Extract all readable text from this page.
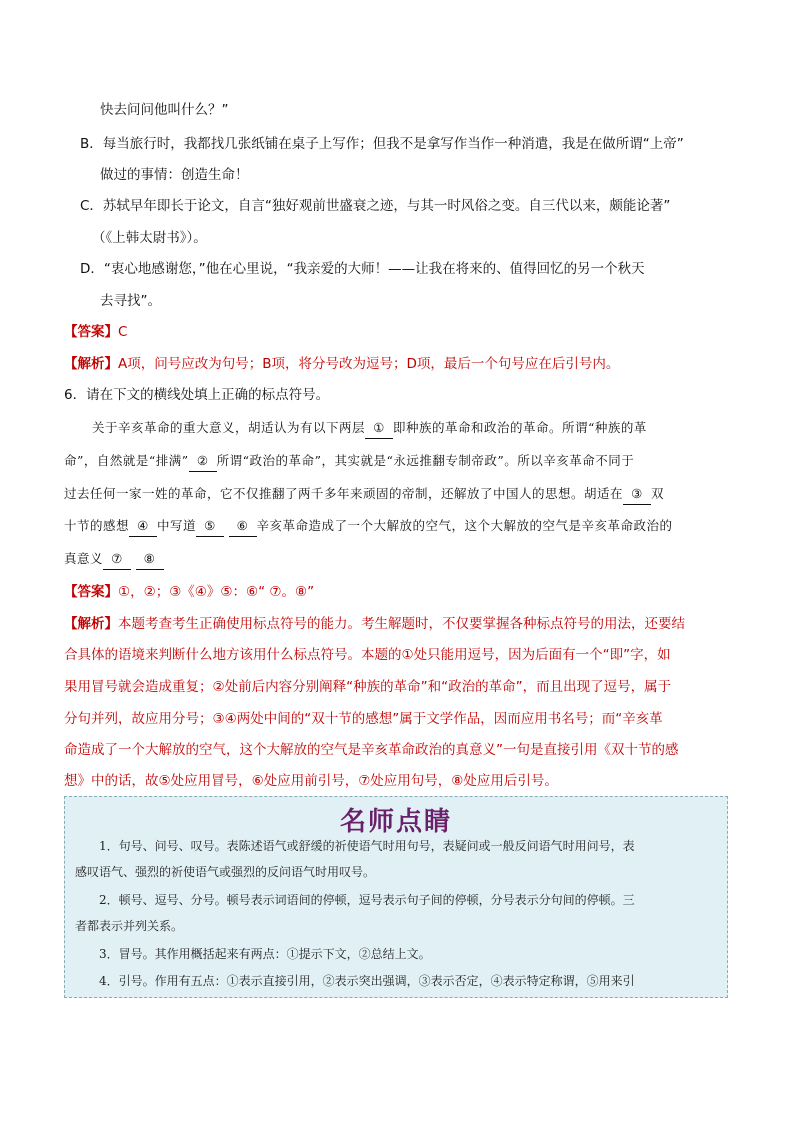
快去问问他叫什么？”
B．每当旅行时，我都找几张纸铺在桌子上写作；但我不是拿写作当作一种消遣，我是在做所谓“上帝”
做过的事情：创造生命！
C．苏轼早年即长于论文，自言“独好观前世盛衰之迹，与其一时风俗之变。自三代以来，颇能论著”
（《上韩太尉书》）。
D．“衷心地感谢您，”他在心里说，“我亲爱的大师！——让我在将来的、值得回忆的另一个秋天
去寻找”。
【答案】C
【解析】A项，问号应改为句号；B项，将分号改为逗号；D项，最后一个句号应在后引号内。
6．请在下文的横线处填上正确的标点符号。
关于辛亥革命的重大意义，胡适认为有以下两层 ① 即种族的革命和政治的革命。所谓“种族的革
命”，自然就是“排满” ② 所谓“政治的革命”，其实就是“永远推翻专制帝政”。所以辛亥革命不同于
过去任何一家一姓的革命，它不仅推翻了两千多年来顽固的帝制，还解放了中国人的思想。胡适在 ③ 双
十节的感想 ④ 中写道 ⑤ ⑥ 辛亥革命造成了一个大解放的空气，这个大解放的空气是辛亥革命政治的
真意义 ⑦ ⑧
【答案】①，②；③《④》⑤：⑥“ ⑦。⑧”
【解析】本题考查考生正确使用标点符号的能力。考生解题时，不仅要掌握各种标点符号的用法，还要结
合具体的语境来判断什么地方该用什么标点符号。本题的①处只能用逗号，因为后面有一个“即”字，如
果用冒号就会造成重复；②处前后内容分别阐释“种族的革命”和“政治的革命”，而且出现了逗号，属于
分句并列，故应用分号；③④两处中间的“双十节的感想”属于文学作品，因而应用书名号；而“辛亥革
命造成了一个大解放的空气，这个大解放的空气是辛亥革命政治的真意义”一句是直接引用《双十节的感
想》中的话，故⑤处应用冒号，⑥处应用前引号，⑦处应用句号，⑧处应用后引号。
名师点睛
1．句号、问号、叹号。表陈述语气或舒缓的祈使语气时用句号，表疑问或一般反问语气时用问号，表
感叹语气、强烈的祈使语气或强烈的反问语气时用叹号。
2．顿号、逗号、分号。顿号表示词语间的停顿，逗号表示句子间的停顿，分号表示分句间的停顿。三
者都表示并列关系。
3．冒号。其作用概括起来有两点：①提示下文，②总结上文。
4．引号。作用有五点：①表示直接引用，②表示突出强调，③表示否定，④表示特定称谓，⑤用来引
